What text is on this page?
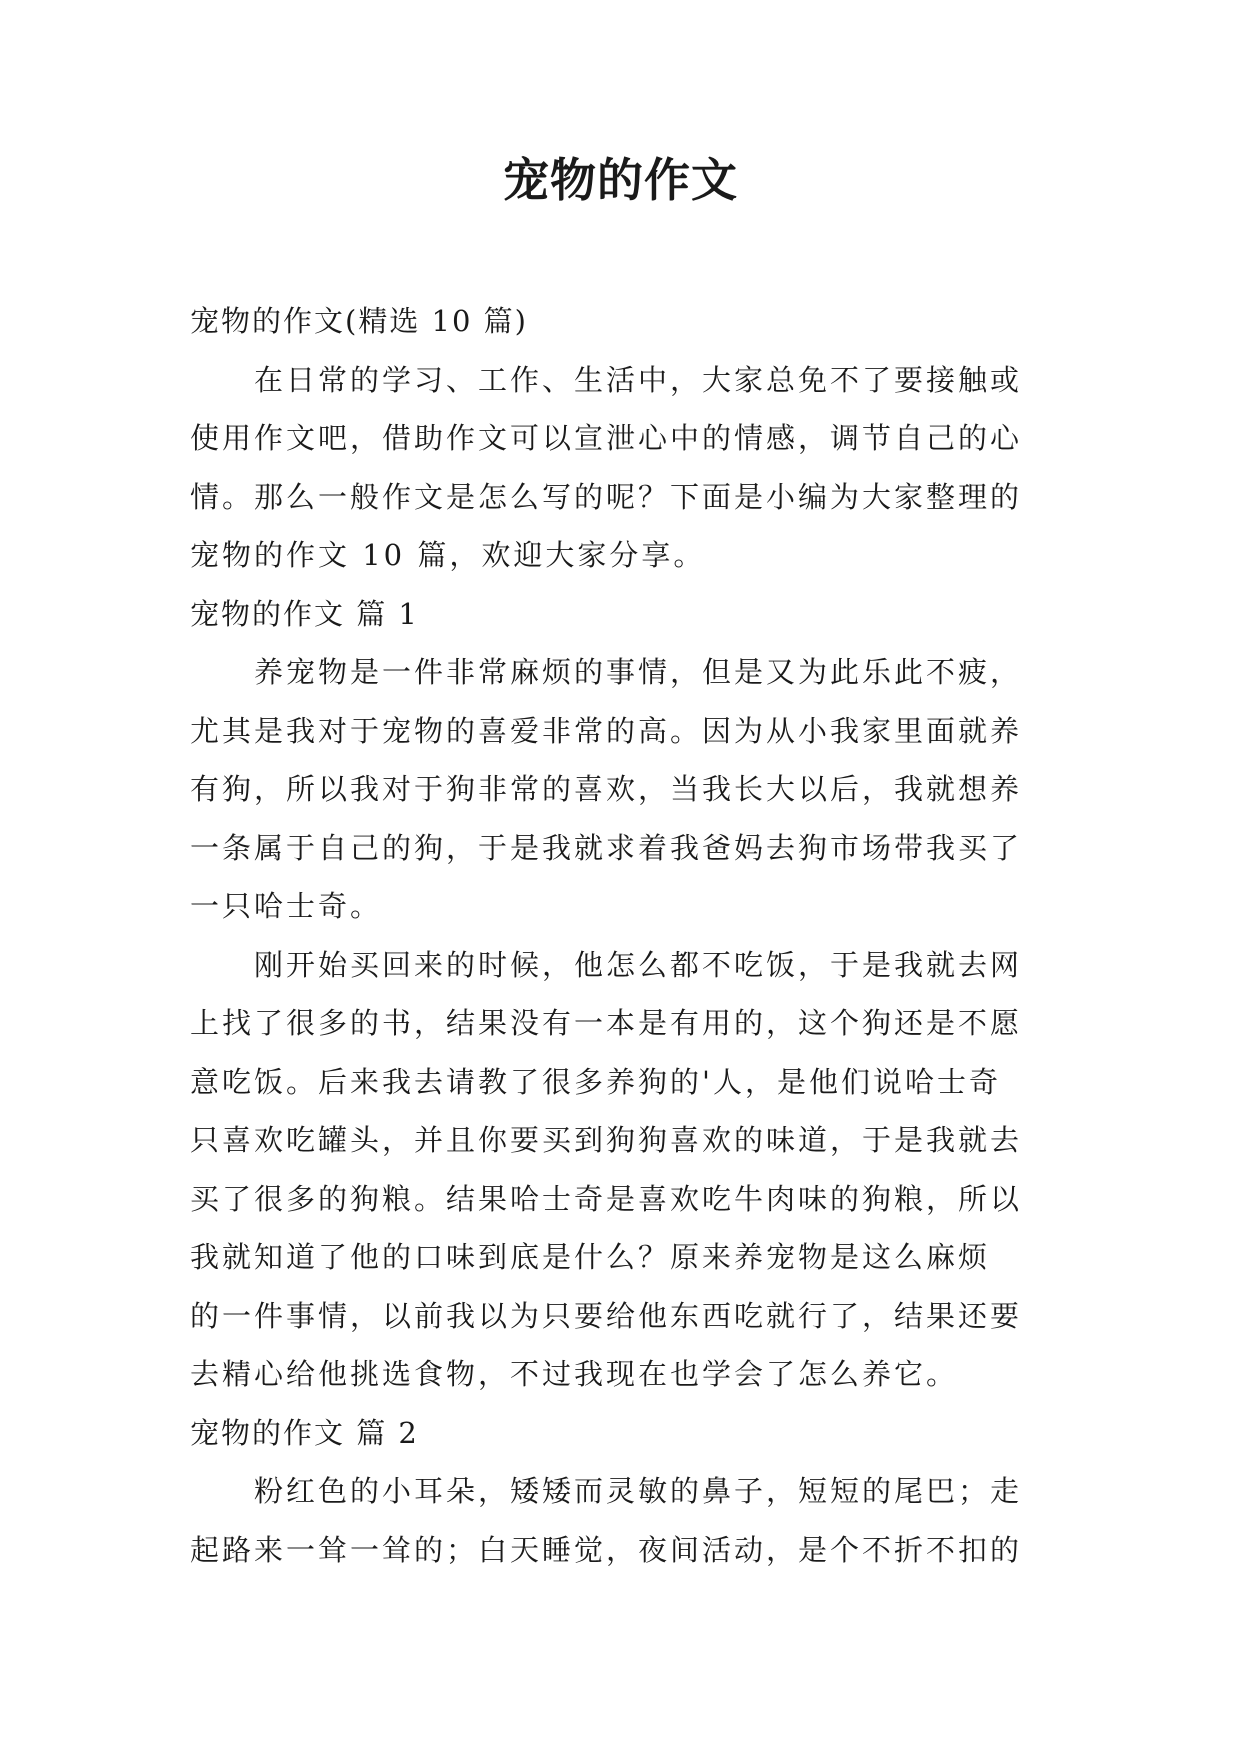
宠物的作文

宠物的作文(精选 10 篇)

在日常的学习、工作、生活中，大家总免不了要接触或

使用作文吧，借助作文可以宣泄心中的情感，调节自己的心

情。那么一般作文是怎么写的呢？下面是小编为大家整理的

宠物的作文 10 篇，欢迎大家分享。

宠物的作文 篇 1

养宠物是一件非常麻烦的事情，但是又为此乐此不疲，

尤其是我对于宠物的喜爱非常的高。因为从小我家里面就养

有狗，所以我对于狗非常的喜欢，当我长大以后，我就想养

一条属于自己的狗，于是我就求着我爸妈去狗市场带我买了

一只哈士奇。

刚开始买回来的时候，他怎么都不吃饭，于是我就去网

上找了很多的书，结果没有一本是有用的，这个狗还是不愿

意吃饭。后来我去请教了很多养狗的'人，是他们说哈士奇

只喜欢吃罐头，并且你要买到狗狗喜欢的味道，于是我就去

买了很多的狗粮。结果哈士奇是喜欢吃牛肉味的狗粮，所以

我就知道了他的口味到底是什么？原来养宠物是这么麻烦

的一件事情，以前我以为只要给他东西吃就行了，结果还要

去精心给他挑选食物，不过我现在也学会了怎么养它。

宠物的作文 篇 2

粉红色的小耳朵，矮矮而灵敏的鼻子，短短的尾巴；走

起路来一耸一耸的；白天睡觉，夜间活动，是个不折不扣的
